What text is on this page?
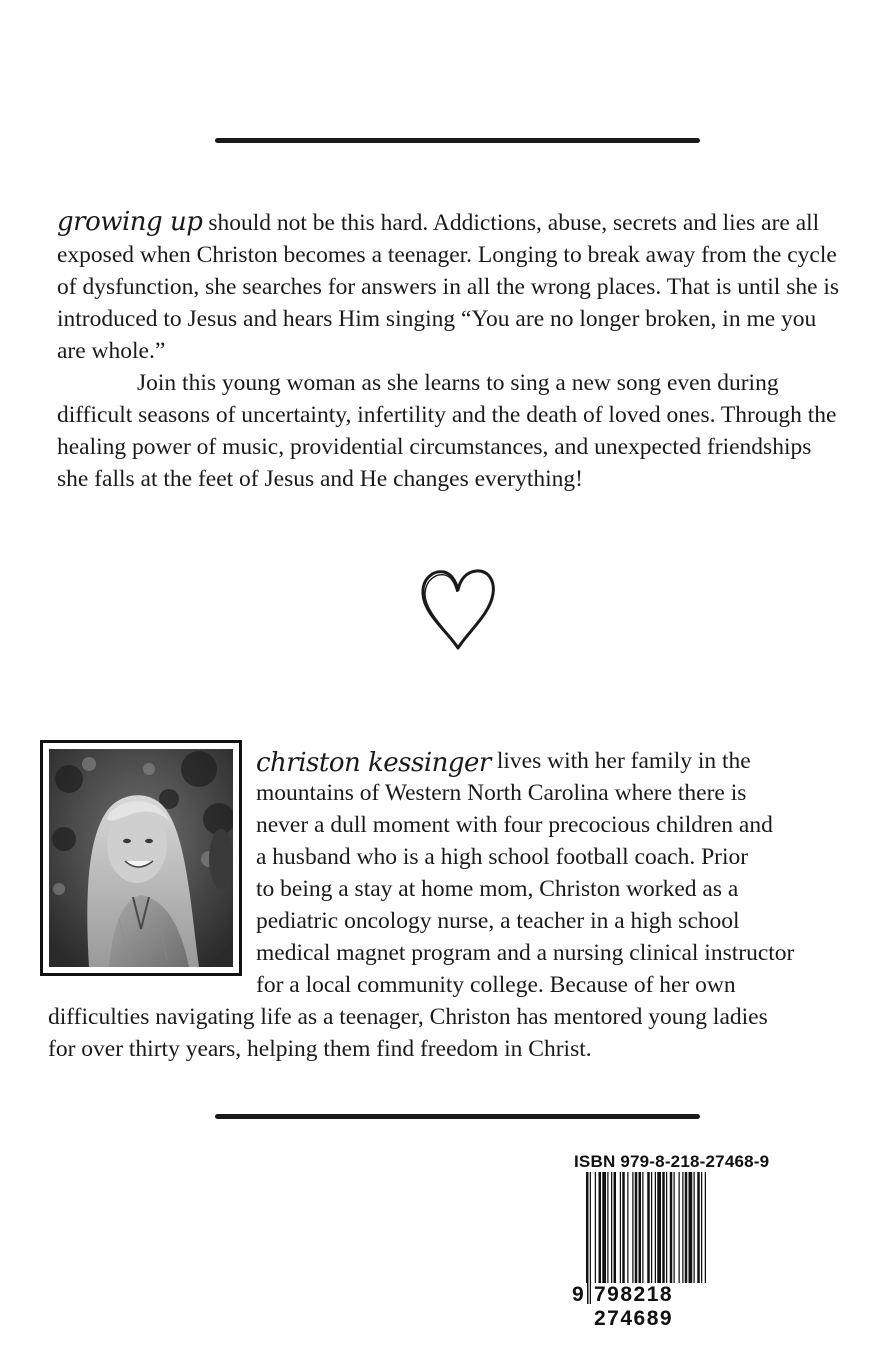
growing up should not be this hard. Addictions, abuse, secrets and lies are all exposed when Christon becomes a teenager. Longing to break away from the cycle of dysfunction, she searches for answers in all the wrong places. That is until she is introduced to Jesus and hears Him singing “You are no longer broken, in me you are whole.”

Join this young woman as she learns to sing a new song even during difficult seasons of uncertainty, infertility and the death of loved ones. Through the healing power of music, providential circumstances, and unexpected friendships she falls at the feet of Jesus and He changes everything!

christon kessinger lives with her family in the
mountains of Western North Carolina where there is
never a dull moment with four precocious children and
a husband who is a high school football coach. Prior
to being a stay at home mom, Christon worked as a
pediatric oncology nurse, a teacher in a high school
medical magnet program and a nursing clinical instructor
for a local community college. Because of her own
difficulties navigating life as a teenager, Christon has mentored young ladies
for over thirty years, helping them find freedom in Christ.
ISBN 979-8-218-27468-9
9 798218 274689
